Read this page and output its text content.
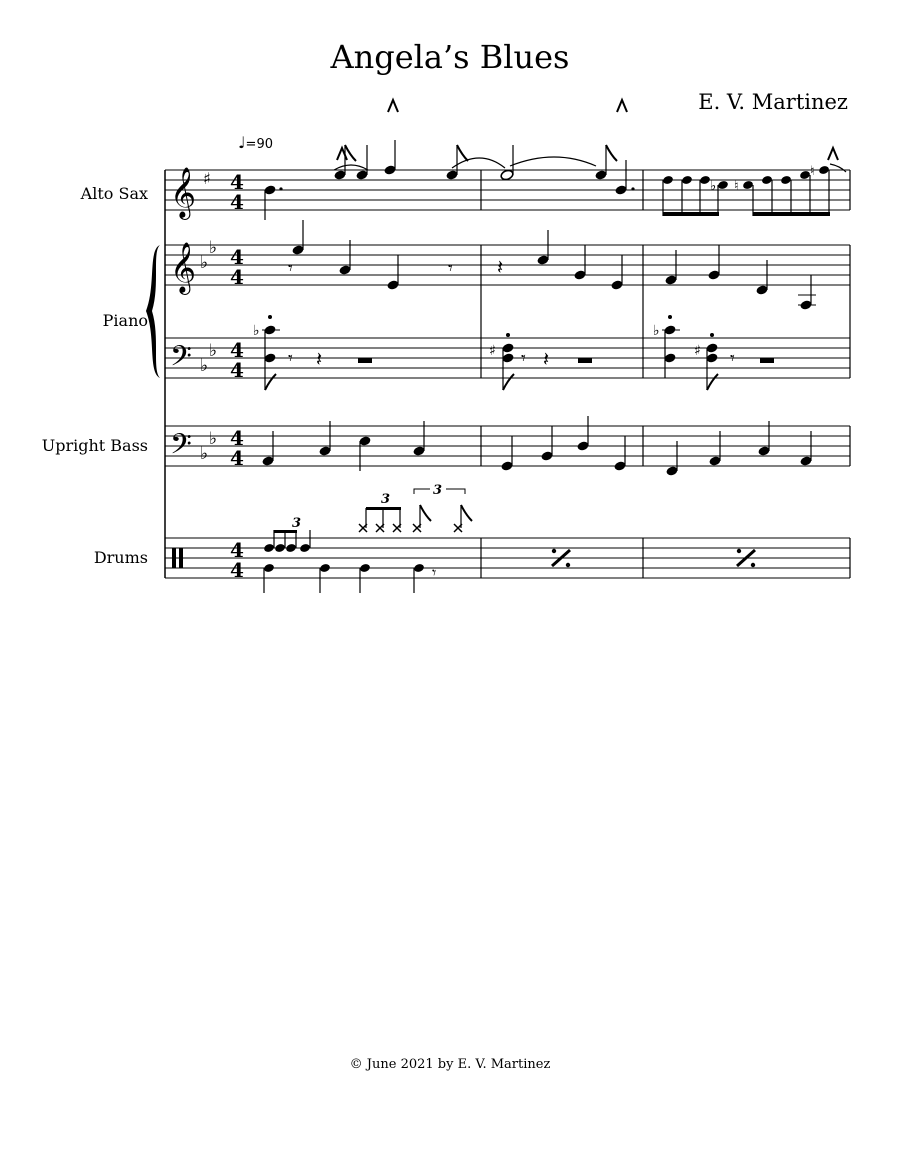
Angela’s Blues
E. V. Martinez
♩=90
Alto Sax
Piano
Upright Bass
Drums
𝄞
𝄞
𝄢
𝄢
♯
♭
♭
♭
♭
♭
♭
4
4
4
4
4
4
4
4
4
4
♭ ♮
♮
𝄾	𝄾 𝄽
♭
𝄾 𝄽	♯ 𝄾 𝄽
♭
♯ 𝄾
3
𝄾
3
3
© June 2021 by E. V. Martinez
